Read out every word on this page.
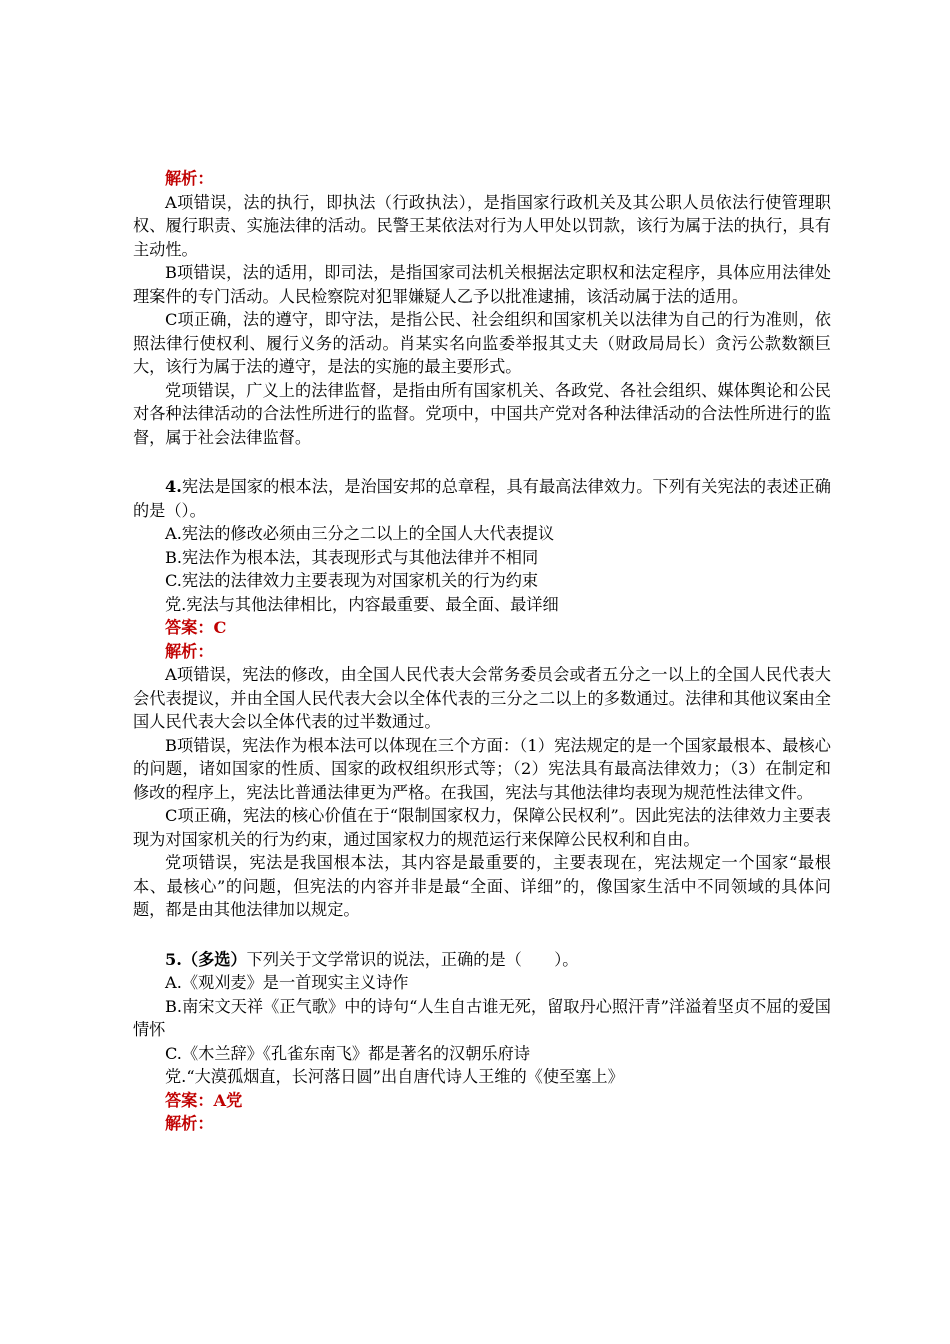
解析：

A项错误，法的执行，即执法（行政执法），是指国家行政机关及其公职人员依法行使管理职权、履行职责、实施法律的活动。民警王某依法对行为人甲处以罚款，该行为属于法的执行，具有主动性。

B项错误，法的适用，即司法，是指国家司法机关根据法定职权和法定程序，具体应用法律处理案件的专门活动。人民检察院对犯罪嫌疑人乙予以批准逮捕，该活动属于法的适用。

C项正确，法的遵守，即守法，是指公民、社会组织和国家机关以法律为自己的行为准则，依照法律行使权利、履行义务的活动。肖某实名向监委举报其丈夫（财政局局长）贪污公款数额巨大，该行为属于法的遵守，是法的实施的最主要形式。

党项错误，广义上的法律监督，是指由所有国家机关、各政党、各社会组织、媒体舆论和公民对各种法律活动的合法性所进行的监督。党项中，中国共产党对各种法律活动的合法性所进行的监督，属于社会法律监督。

4.宪法是国家的根本法，是治国安邦的总章程，具有最高法律效力。下列有关宪法的表述正确的是（）。

A.宪法的修改必须由三分之二以上的全国人大代表提议

B.宪法作为根本法，其表现形式与其他法律并不相同

C.宪法的法律效力主要表现为对国家机关的行为约束

党.宪法与其他法律相比，内容最重要、最全面、最详细

答案：C

解析：

A项错误，宪法的修改，由全国人民代表大会常务委员会或者五分之一以上的全国人民代表大会代表提议，并由全国人民代表大会以全体代表的三分之二以上的多数通过。法律和其他议案由全国人民代表大会以全体代表的过半数通过。

B项错误，宪法作为根本法可以体现在三个方面：（1）宪法规定的是一个国家最根本、最核心的问题，诸如国家的性质、国家的政权组织形式等；（2）宪法具有最高法律效力；（3）在制定和修改的程序上，宪法比普通法律更为严格。在我国，宪法与其他法律均表现为规范性法律文件。

C项正确，宪法的核心价值在于“限制国家权力，保障公民权利”。因此宪法的法律效力主要表现为对国家机关的行为约束，通过国家权力的规范运行来保障公民权利和自由。

党项错误，宪法是我国根本法，其内容是最重要的，主要表现在，宪法规定一个国家“最根本、最核心”的问题，但宪法的内容并非是最“全面、详细”的，像国家生活中不同领域的具体问题，都是由其他法律加以规定。

5.（多选）下列关于文学常识的说法，正确的是（　　）。

A.《观刈麦》是一首现实主义诗作

B.南宋文天祥《正气歌》中的诗句“人生自古谁无死，留取丹心照汗青”洋溢着坚贞不屈的爱国情怀

C.《木兰辞》《孔雀东南飞》都是著名的汉朝乐府诗

党.“大漠孤烟直，长河落日圆”出自唐代诗人王维的《使至塞上》

答案：A党

解析：
